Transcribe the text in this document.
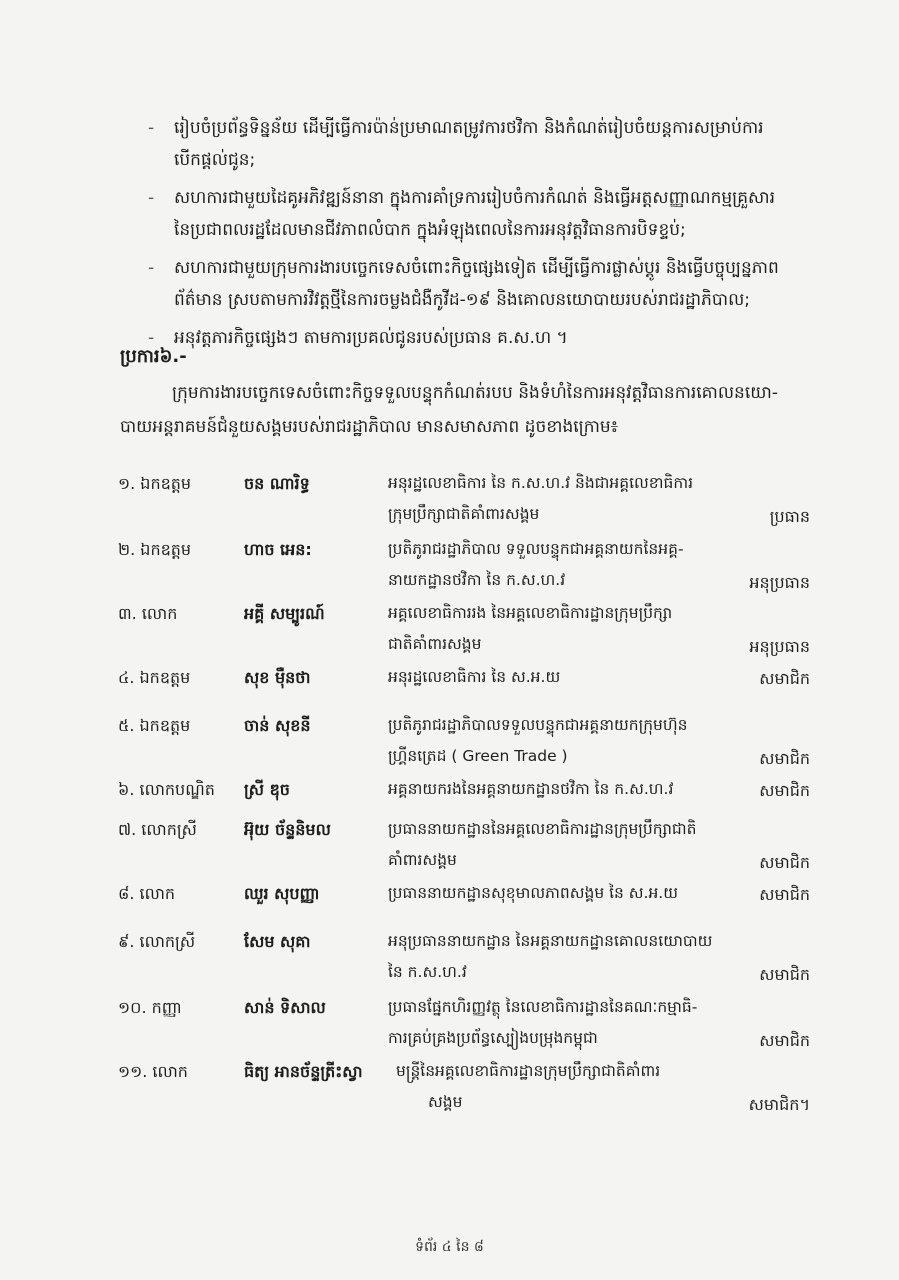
- រៀបចំប្រព័ន្ធទិន្នន័យ ដើម្បីធ្វើការប៉ាន់ប្រមាណតម្រូវការថវិកា និងកំណត់រៀបចំយន្តការសម្រាប់ការ
បើកផ្តល់ជូន;
- សហការជាមួយដៃគូអភិវឌ្ឍន៍នានា ក្នុងការគាំទ្រការរៀបចំការកំណត់ និងធ្វើអត្តសញ្ញាណកម្មគ្រួសារ
នៃប្រជាពលរដ្ឋដែលមានជីវភាពលំបាក ក្នុងអំឡុងពេលនៃការអនុវត្តវិធានការបិទខ្ទប់;
- សហការជាមួយក្រុមការងារបច្ចេកទេសចំពោះកិច្ចផ្សេងទៀត ដើម្បីធ្វើការផ្លាស់ប្តូរ និងធ្វើបច្ចុប្បន្នភាព
ព័ត៌មាន ស្របតាមការវិវត្តថ្មីនៃការចម្លងជំងឺកូវីដ-១៩ និងគោលនយោបាយរបស់រាជរដ្ឋាភិបាល;
- អនុវត្តភារកិច្ចផ្សេងៗ តាមការប្រគល់ជូនរបស់ប្រធាន គ.ស.ហ ។
ប្រការ៦.-
ក្រុមការងារបច្ចេកទេសចំពោះកិច្ចទទួលបន្ទុកកំណត់របប និងទំហំនៃការអនុវត្តវិធានការគោលនយោ-
បាយអន្តរាគមន៍ជំនួយសង្គមរបស់រាជរដ្ឋាភិបាល មានសមាសភាព ដូចខាងក្រោម៖
១. ឯកឧត្តម	ចន ណារិទ្ធ	អនុរដ្ឋលេខាធិការ នៃ ក.ស.ហ.វ និងជាអគ្គលេខាធិការ
ក្រុមប្រឹក្សាជាតិគាំពារសង្គម	ប្រធាន
២. ឯកឧត្តម	ហាច អេន:	ប្រតិភូរាជរដ្ឋាភិបាល ទទួលបន្ទុកជាអគ្គនាយកនៃអគ្គ-
នាយកដ្ឋានថវិកា នៃ ក.ស.ហ.វ	អនុប្រធាន
៣. លោក	អគ្គី សម្បូរណ៍	អគ្គលេខាធិការរង នៃអគ្គលេខាធិការដ្ឋានក្រុមប្រឹក្សា
ជាតិគាំពារសង្គម	អនុប្រធាន
៤. ឯកឧត្តម	សុខ ម៉ឺនថា	អនុរដ្ឋលេខាធិការ នៃ ស.អ.យ	សមាជិក
៥. ឯកឧត្តម	ចាន់ សុខនី	ប្រតិភូរាជរដ្ឋាភិបាលទទួលបន្ទុកជាអគ្គនាយកក្រុមហ៊ុន
ហ្គ្រីនត្រេដ ( Green Trade )	សមាជិក
៦. លោកបណ្ឌិត ស្រី ឌុច	អគ្គនាយករងនៃអគ្គនាយកដ្ឋានថវិកា នៃ ក.ស.ហ.វ	សមាជិក
៧. លោកស្រី	អ៊ុយ ច័ន្ទនិមល	ប្រធាននាយកដ្ឋាននៃអគ្គលេខាធិការដ្ឋានក្រុមប្រឹក្សាជាតិ
គាំពារសង្គម	សមាជិក
៨. លោក	ឈួរ សុបញ្ញា	ប្រធាននាយកដ្ឋានសុខុមាលភាពសង្គម នៃ ស.អ.យ	សមាជិក
៩. លោកស្រី	សែម សុគា	អនុប្រធាននាយកដ្ឋាន នៃអគ្គនាយកដ្ឋានគោលនយោបាយ
នៃ ក.ស.ហ.វ	សមាជិក
១០. កញ្ញា	សាន់ ទិសាល	ប្រធានផ្នែកហិរញ្ញវត្ថុ នៃលេខាធិការដ្ឋាននៃគណៈកម្មាធិ-
ការគ្រប់គ្រងប្រព័ន្ធស្បៀងបម្រុងកម្ពុជា	សមាជិក
១១. លោក	ធិត្យ អានច័ន្ទត្រីះស្វា មន្ត្រីនៃអគ្គលេខាធិការដ្ឋានក្រុមប្រឹក្សាជាតិគាំពារ
សង្គម	សមាជិក។
ទំព័រ ៤ នៃ ៨
